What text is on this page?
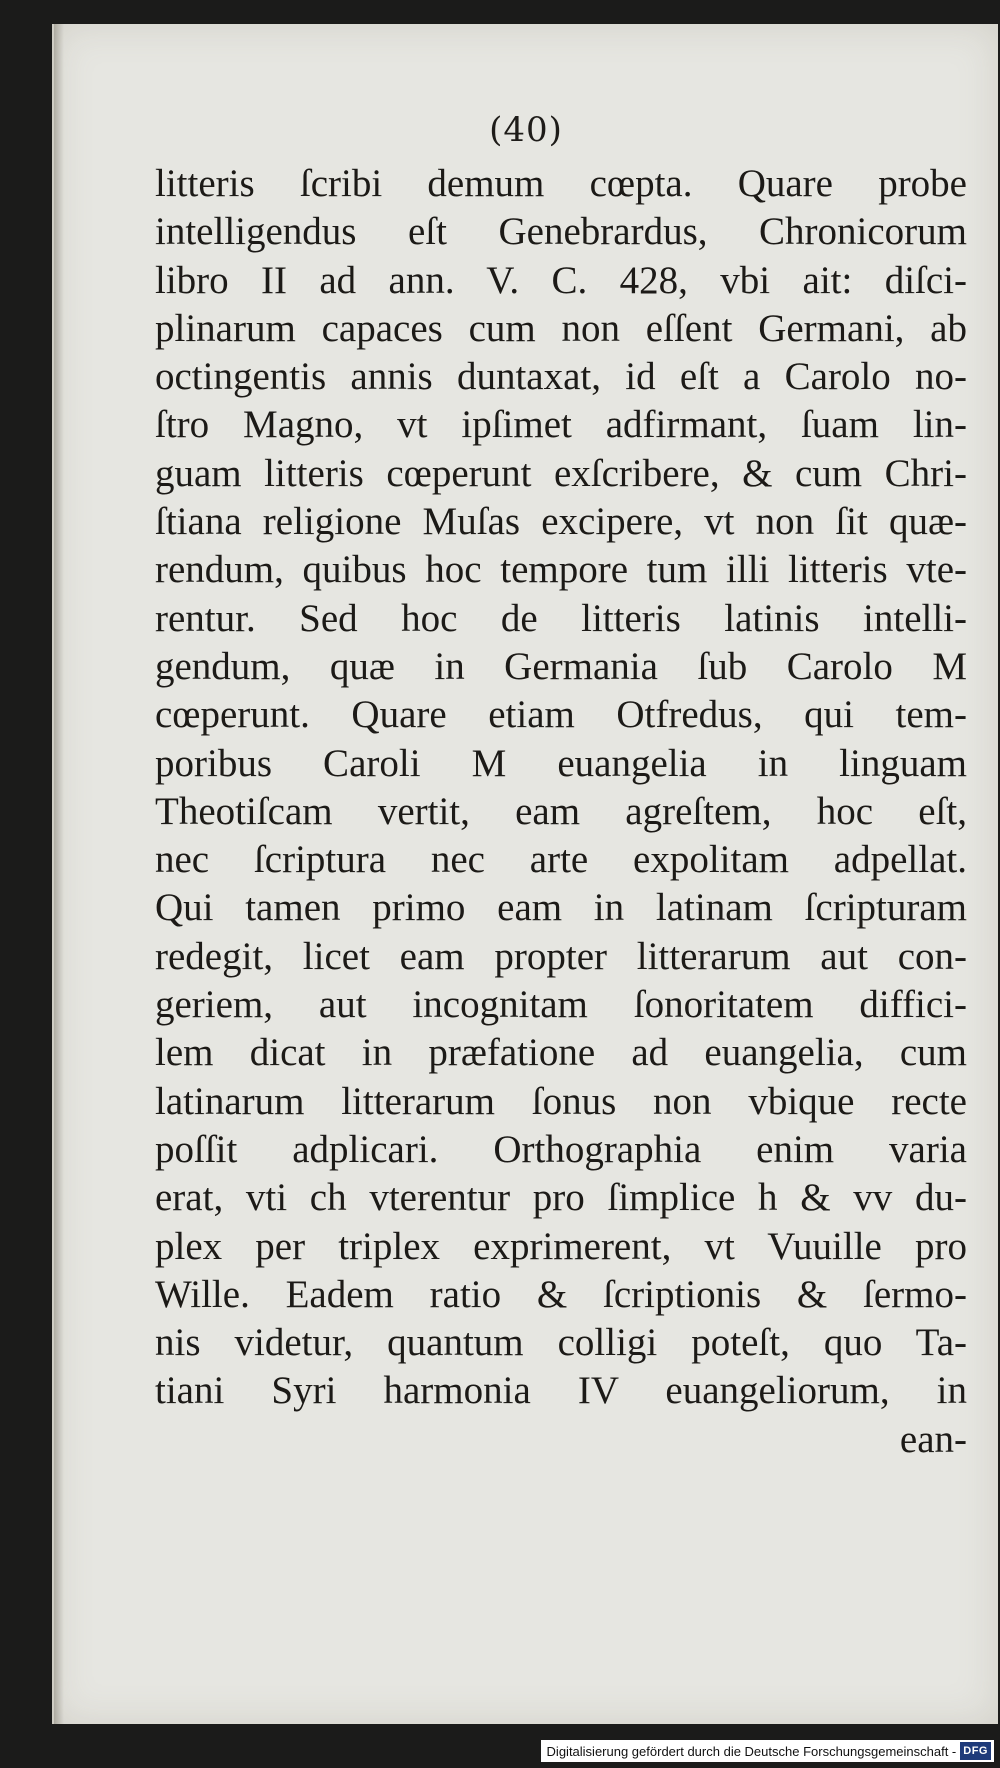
(40)
litteris ſcribi demum cœpta. Quare probe
intelligendus eſt Genebrardus, Chronicorum
libro II ad ann. V. C. 428, vbi ait: diſci-
plinarum capaces cum non eſſent Germani, ab
octingentis annis duntaxat, id eſt a Carolo no-
ſtro Magno, vt ipſimet adfirmant, ſuam lin-
guam litteris cœperunt exſcribere, & cum Chri-
ſtiana religione Muſas excipere, vt non ſit quæ-
rendum, quibus hoc tempore tum illi litteris vte-
rentur. Sed hoc de litteris latinis intelli-
gendum, quæ in Germania ſub Carolo M
cœperunt. Quare etiam Otfredus, qui tem-
poribus Caroli M euangelia in linguam
Theotiſcam vertit, eam agreſtem, hoc eſt,
nec ſcriptura nec arte expolitam adpellat.
Qui tamen primo eam in latinam ſcripturam
redegit, licet eam propter litterarum aut con-
geriem, aut incognitam ſonoritatem diffici-
lem dicat in præfatione ad euangelia, cum
latinarum litterarum ſonus non vbique recte
poſſit adplicari. Orthographia enim varia
erat, vti ch vterentur pro ſimplice h & vv du-
plex per triplex exprimerent, vt Vuuille pro
Wille. Eadem ratio & ſcriptionis & ſermo-
nis videtur, quantum colligi poteſt, quo Ta-
tiani Syri harmonia IV euangeliorum, in
ean-
Digitalisierung gefördert durch die Deutsche Forschungsgemeinschaft - DFG
